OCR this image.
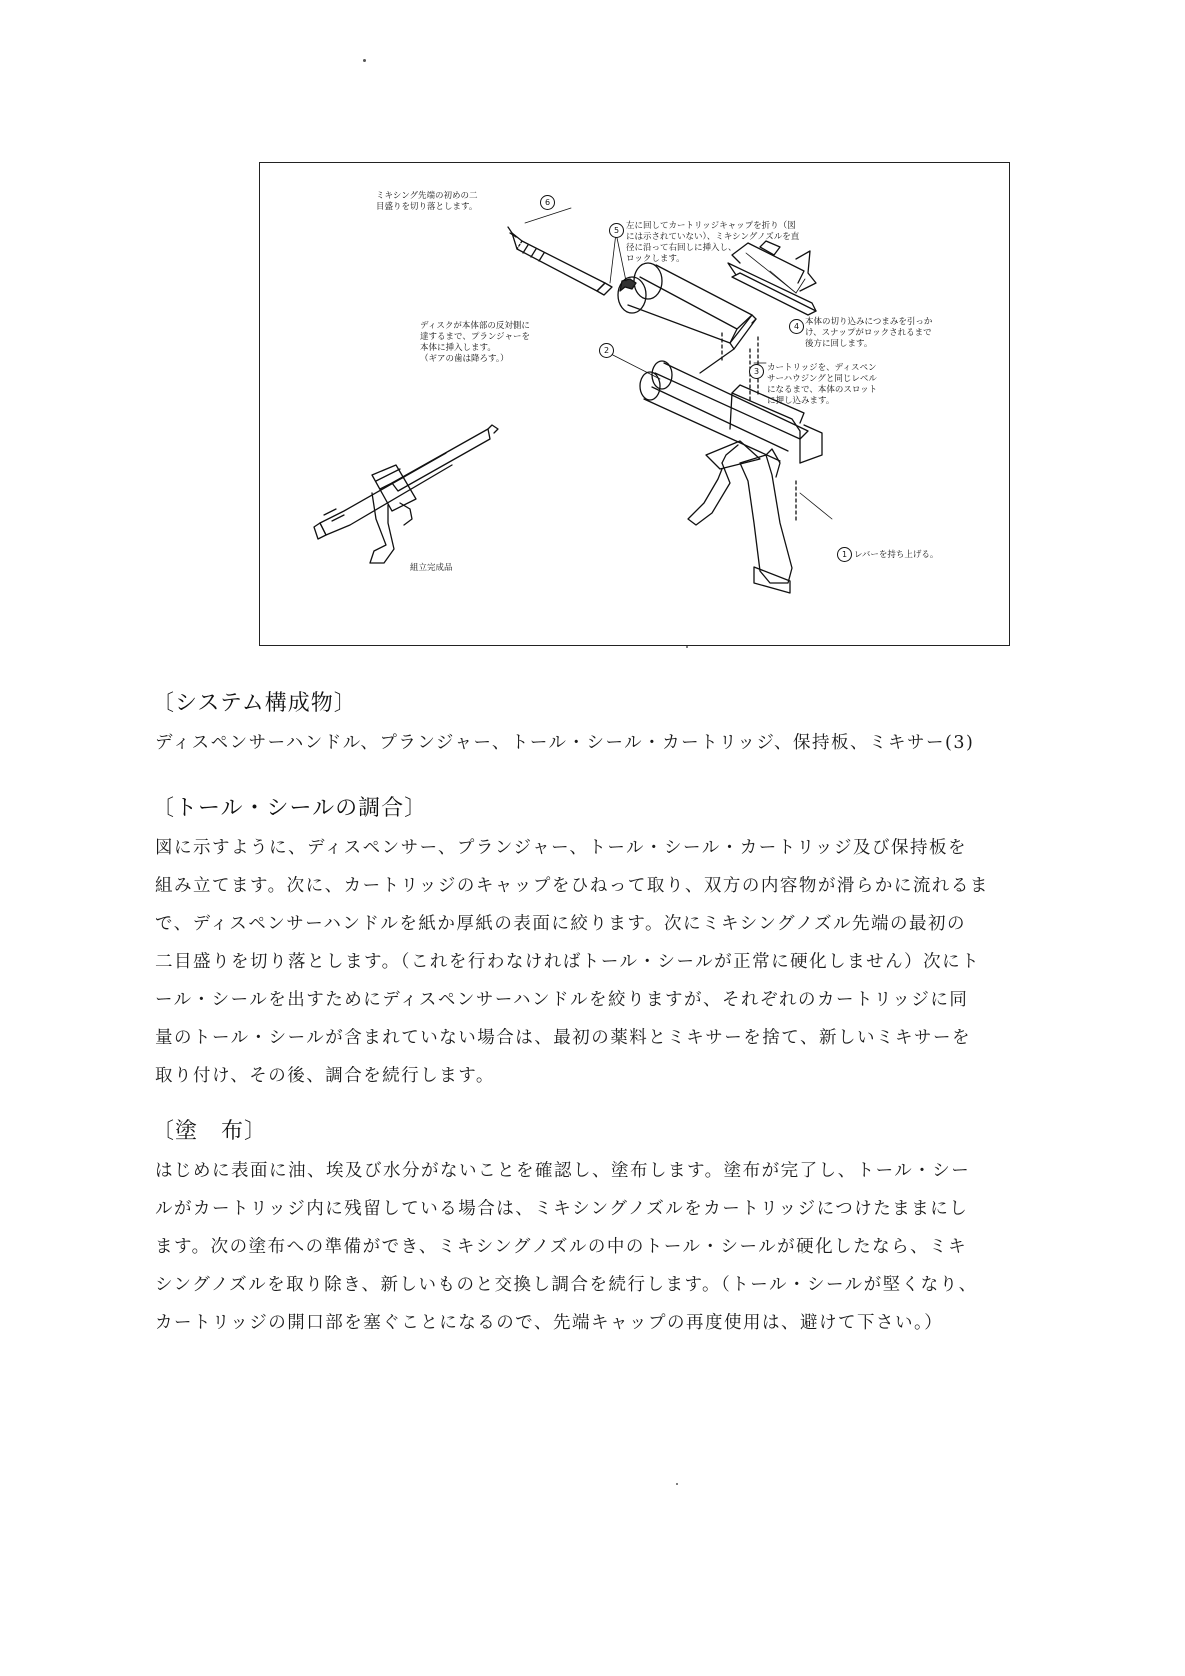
6
5
4
2
3
1
ミキシング先端の初めの二
目盛りを切り落とします。
左に回してカートリッジキャップを折り（図
には示されていない）、ミキシングノズルを直
径に沿って右回しに挿入し、
ロックします。
本体の切り込みにつまみを引っか
け、スナップがロックされるまで
後方に回します。
ディスクが本体部の反対側に
達するまで、プランジャーを
本体に挿入します。
（ギアの歯は降ろす。）
カートリッジを、ディスペン
サーハウジングと同じレベル
になるまで、本体のスロット
に押し込みます。
レバーを持ち上げる。
組立完成品
〔システム構成物〕

ディスペンサーハンドル、プランジャー、トール・シール・カートリッジ、保持板、ミキサー(3)

〔トール・シールの調合〕

図に示すように、ディスペンサー、プランジャー、トール・シール・カートリッジ及び保持板を

組み立てます。次に、カートリッジのキャップをひねって取り、双方の内容物が滑らかに流れるま

で、ディスペンサーハンドルを紙か厚紙の表面に絞ります。次にミキシングノズル先端の最初の

二目盛りを切り落とします。（これを行わなければトール・シールが正常に硬化しません）次にト

ール・シールを出すためにディスペンサーハンドルを絞りますが、それぞれのカートリッジに同

量のトール・シールが含まれていない場合は、最初の薬料とミキサーを捨て、新しいミキサーを

取り付け、その後、調合を続行します。

〔塗　布〕

はじめに表面に油、埃及び水分がないことを確認し、塗布します。塗布が完了し、トール・シー

ルがカートリッジ内に残留している場合は、ミキシングノズルをカートリッジにつけたままにし

ます。次の塗布への準備ができ、ミキシングノズルの中のトール・シールが硬化したなら、ミキ

シングノズルを取り除き、新しいものと交換し調合を続行します。（トール・シールが堅くなり、

カートリッジの開口部を塞ぐことになるので、先端キャップの再度使用は、避けて下さい。）
